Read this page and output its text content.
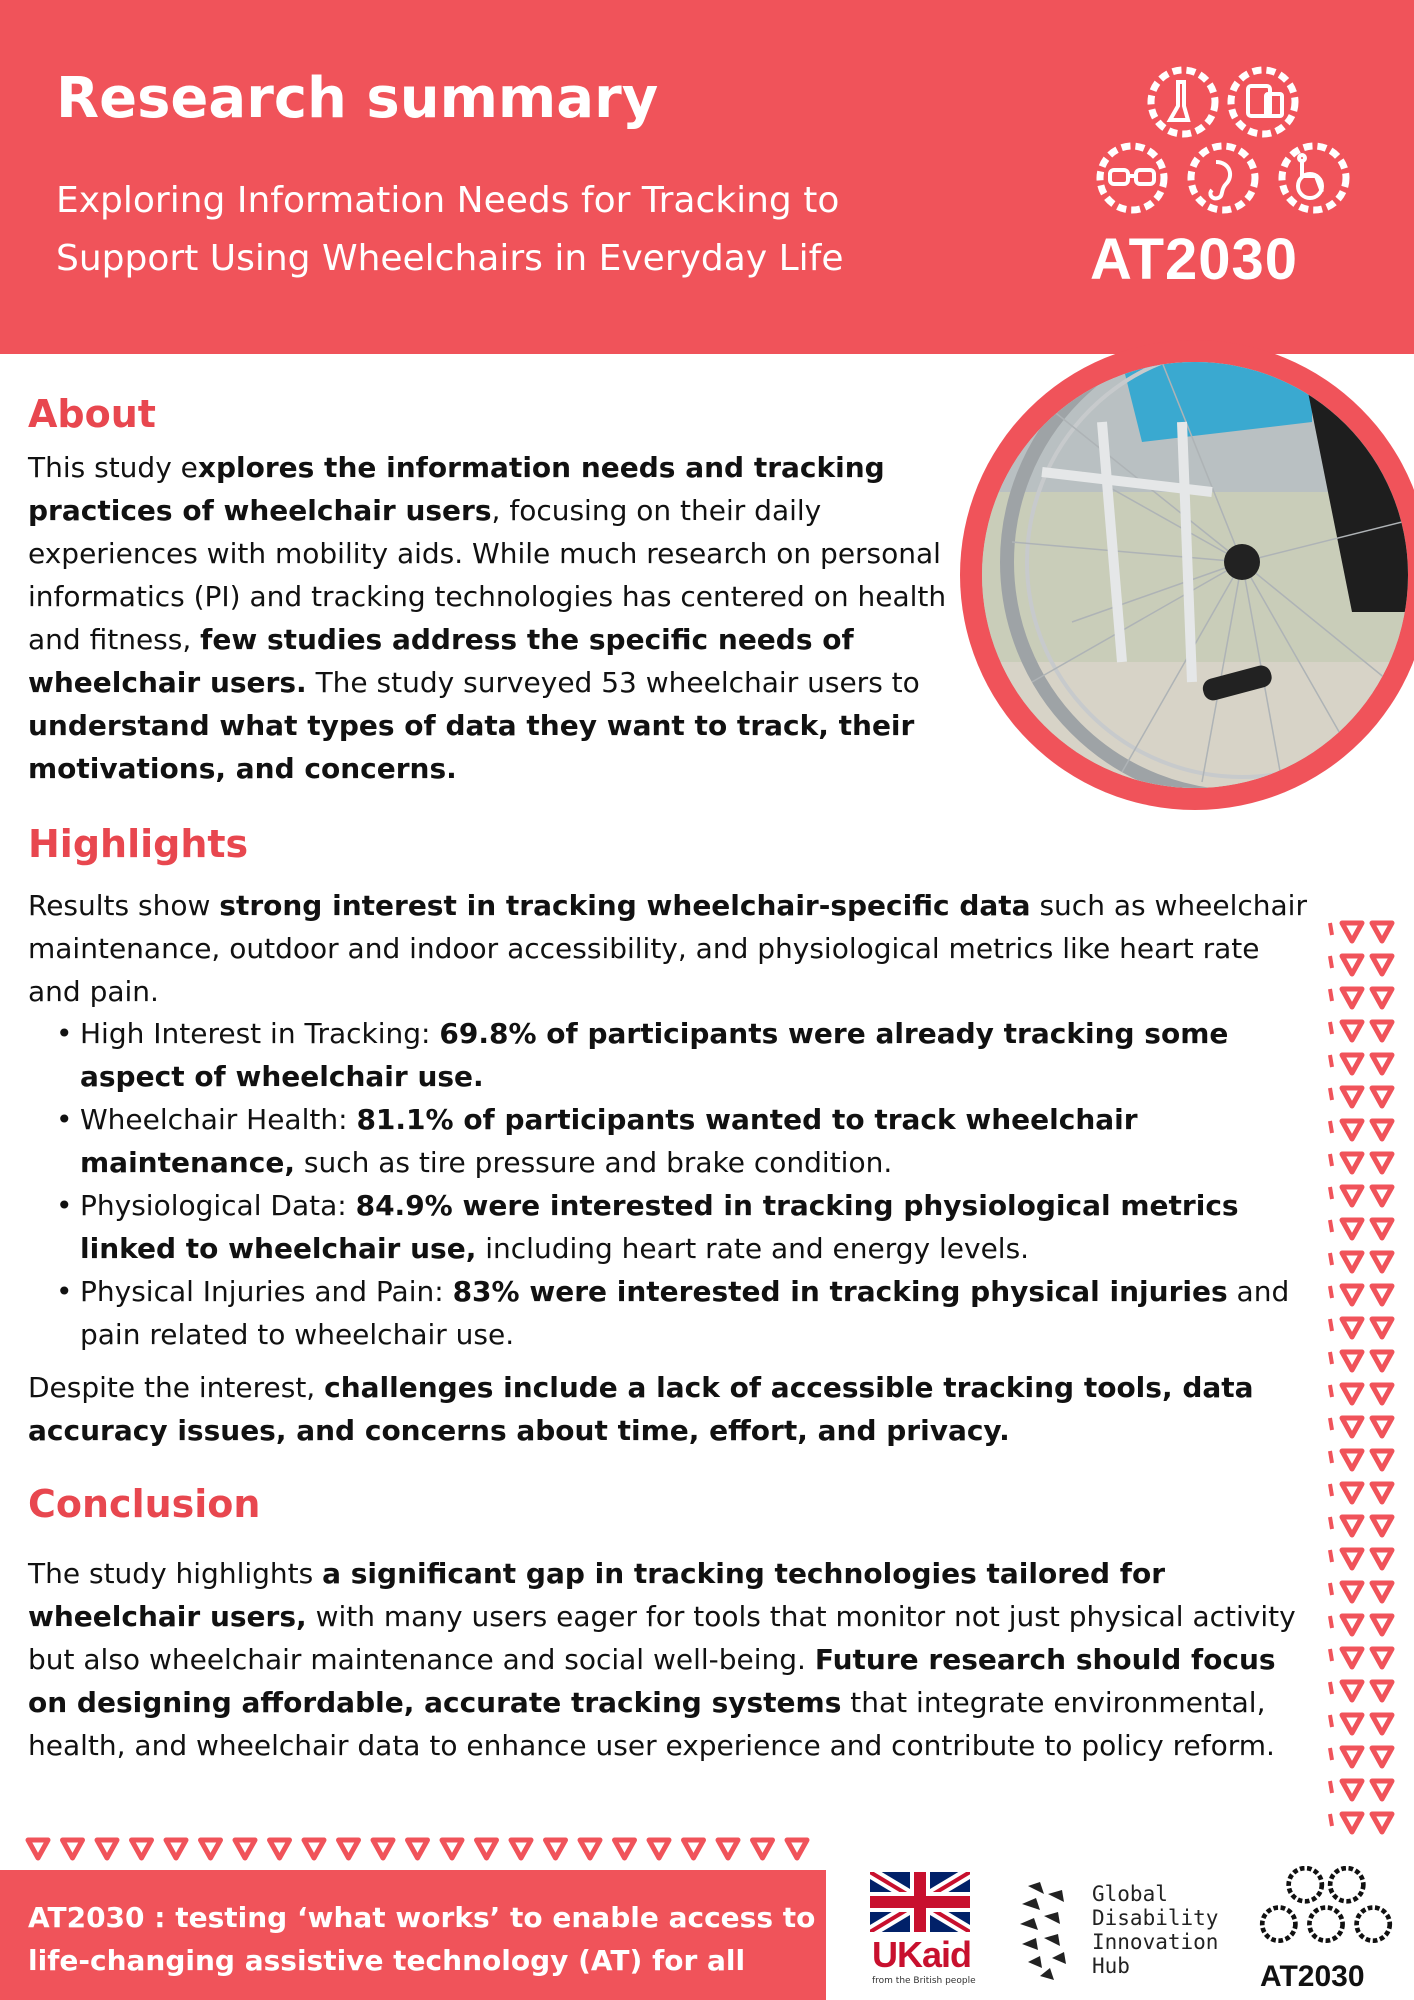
Research summary

Exploring Information Needs for Tracking to
Support Using Wheelchairs in Everyday Life	AT2030
About

This study explores the information needs and tracking practices of wheelchair users, focusing on their daily experiences with mobility aids. While much research on personal informatics (PI) and tracking technologies has centered on health and fitness, few studies address the specific needs of wheelchair users. The study surveyed 53 wheelchair users to understand what types of data they want to track, their motivations, and concerns.

Highlights

Results show strong interest in tracking wheelchair-specific data such as wheelchair maintenance, outdoor and indoor accessibility, and physiological metrics like heart rate and pain.

• High Interest in Tracking: 69.8% of participants were already tracking some aspect of wheelchair use.
• Wheelchair Health: 81.1% of participants wanted to track wheelchair maintenance, such as tire pressure and brake condition.
• Physiological Data: 84.9% were interested in tracking physiological metrics linked to wheelchair use, including heart rate and energy levels.
• Physical Injuries and Pain: 83% were interested in tracking physical injuries and pain related to wheelchair use.

Despite the interest, challenges include a lack of accessible tracking tools, data accuracy issues, and concerns about time, effort, and privacy.

Conclusion

The study highlights a significant gap in tracking technologies tailored for wheelchair users, with many users eager for tools that monitor not just physical activity but also wheelchair maintenance and social well-being. Future research should focus on designing affordable, accurate tracking systems that integrate environmental, health, and wheelchair data to enhance user experience and contribute to policy reform.

AT2030 : testing ‘what works’ to enable access to life-changing assistive technology (AT) for all	UKaid
from the British people

Global
Disability
Innovation
Hub	AT2030
